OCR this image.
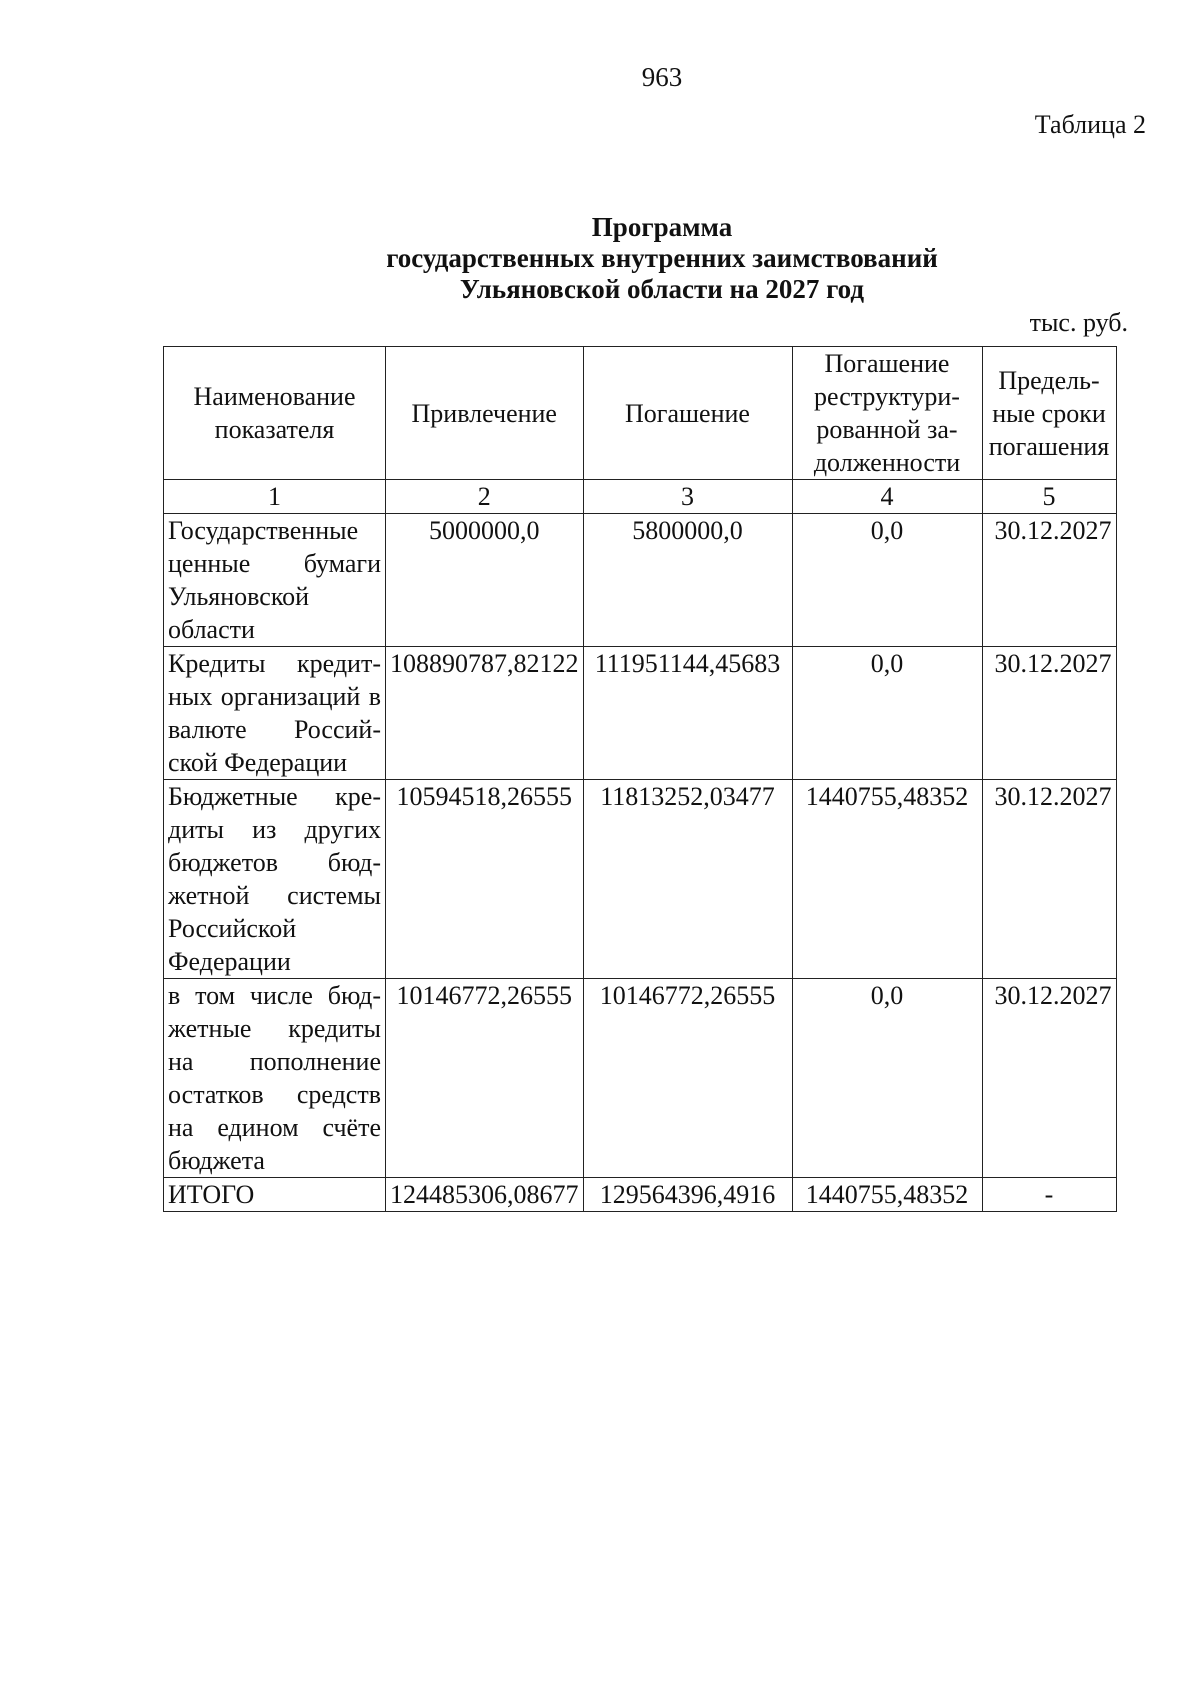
963
Таблица 2
Программа
государственных внутренних заимствований
Ульяновской области на 2027 год
тыс. руб.
Наименование показателя	Привлечение	Погашение	Погашение реструктури-рованной за-долженности	Предель-ные сроки погашения
1	2	3	4	5
Государственные ценные бумаги Ульяновской области	5000000,0	5800000,0	0,0	30.12.2027
Кредиты кредит-ных организаций в валюте Россий-ской Федерации	108890787,82122	111951144,45683	0,0	30.12.2027
Бюджетные кре-диты из других бюджетов бюд-жетной системы Российской Федерации	10594518,26555	11813252,03477	1440755,48352	30.12.2027
в том числе бюд-жетные кредиты на пополнение остатков средств на едином счёте бюджета	10146772,26555	10146772,26555	0,0	30.12.2027
ИТОГО	124485306,08677	129564396,4916	1440755,48352	-
